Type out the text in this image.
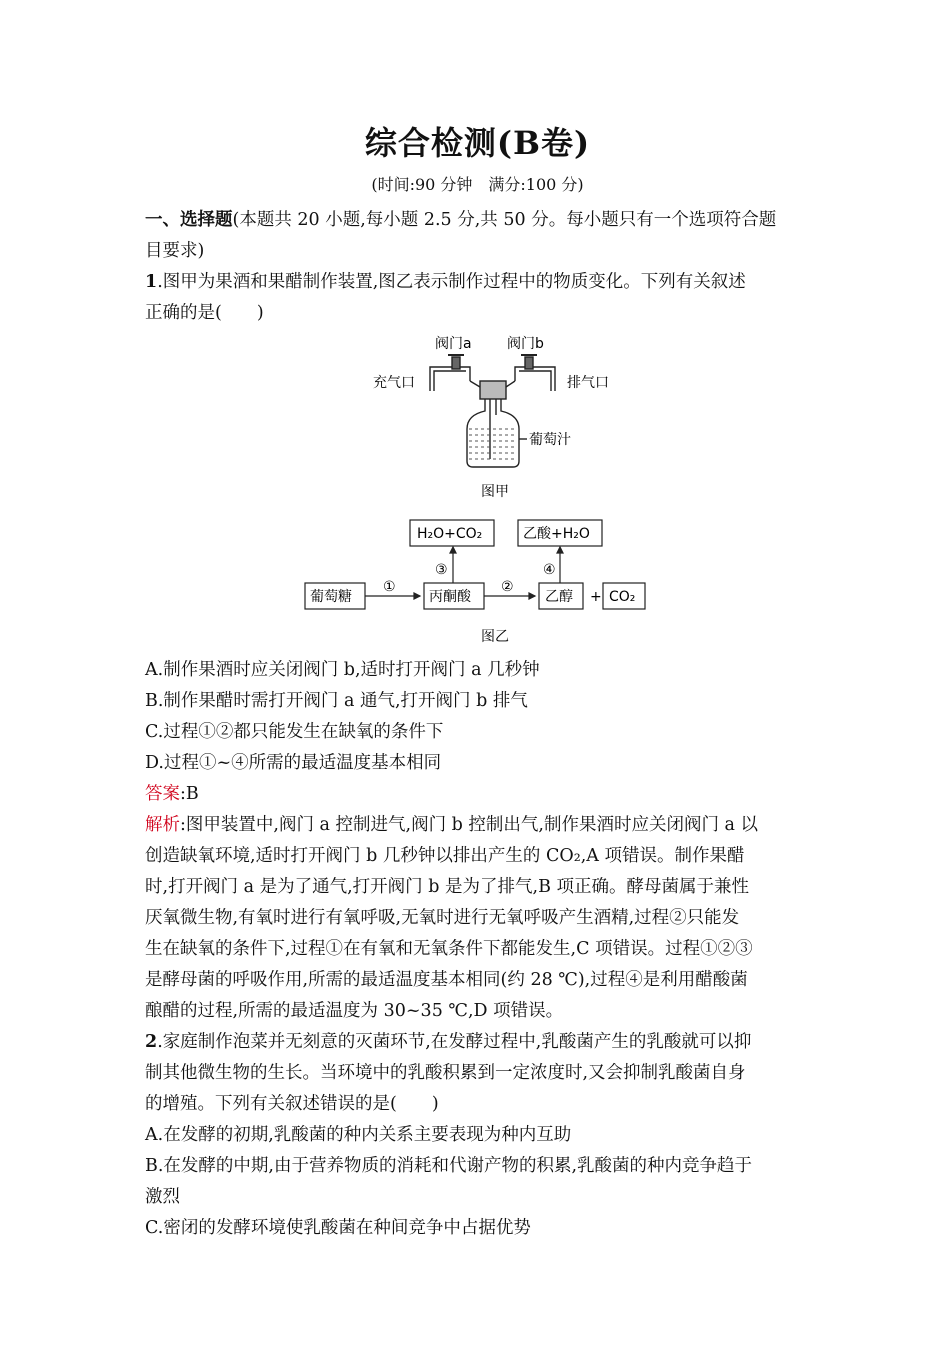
综合检测(B卷)
(时间:90 分钟　满分:100 分)

一、选择题(本题共 20 小题,每小题 2.5 分,共 50 分。每小题只有一个选项符合题

目要求)

1.图甲为果酒和果醋制作装置,图乙表示制作过程中的物质变化。下列有关叙述

正确的是(　　)

阀门a	阀门b
充气口	排气口
葡萄汁
图甲
葡萄糖	丙酮酸	乙醇 + CO₂
H₂O+CO₂	乙酸+H₂O
①	②
③	④
图乙

A.制作果酒时应关闭阀门 b,适时打开阀门 a 几秒钟

B.制作果醋时需打开阀门 a 通气,打开阀门 b 排气

C.过程①②都只能发生在缺氧的条件下

D.过程①~④所需的最适温度基本相同

答案:B

解析:图甲装置中,阀门 a 控制进气,阀门 b 控制出气,制作果酒时应关闭阀门 a 以

创造缺氧环境,适时打开阀门 b 几秒钟以排出产生的 CO₂,A 项错误。制作果醋

时,打开阀门 a 是为了通气,打开阀门 b 是为了排气,B 项正确。酵母菌属于兼性

厌氧微生物,有氧时进行有氧呼吸,无氧时进行无氧呼吸产生酒精,过程②只能发

生在缺氧的条件下,过程①在有氧和无氧条件下都能发生,C 项错误。过程①②③

是酵母菌的呼吸作用,所需的最适温度基本相同(约 28 ℃),过程④是利用醋酸菌

酿醋的过程,所需的最适温度为 30~35 ℃,D 项错误。

2.家庭制作泡菜并无刻意的灭菌环节,在发酵过程中,乳酸菌产生的乳酸就可以抑

制其他微生物的生长。当环境中的乳酸积累到一定浓度时,又会抑制乳酸菌自身

的增殖。下列有关叙述错误的是(　　)

A.在发酵的初期,乳酸菌的种内关系主要表现为种内互助

B.在发酵的中期,由于营养物质的消耗和代谢产物的积累,乳酸菌的种内竞争趋于

激烈

C.密闭的发酵环境使乳酸菌在种间竞争中占据优势
